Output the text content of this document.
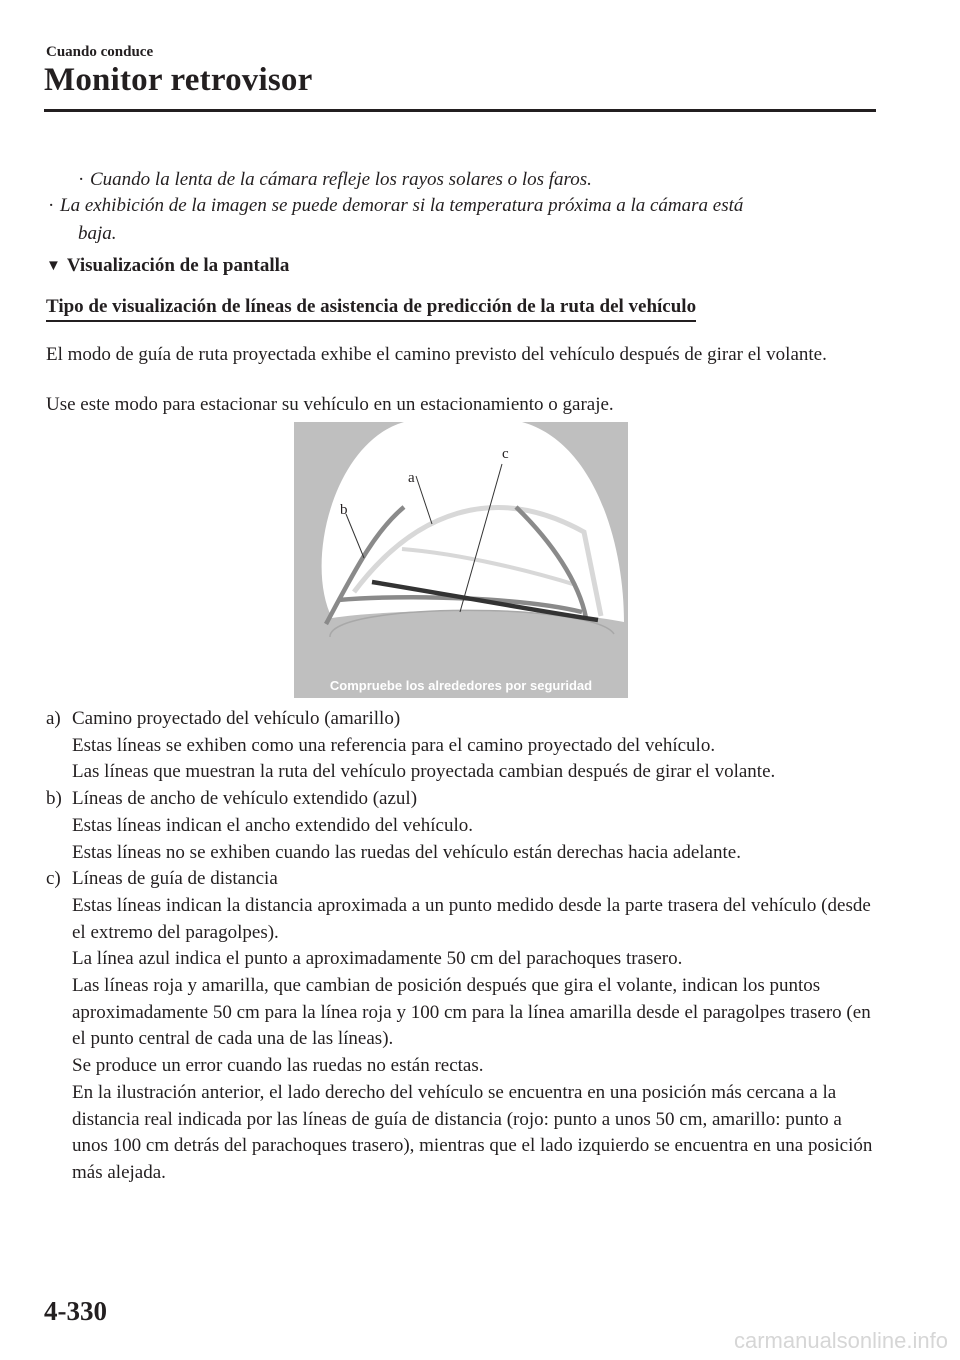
Cuando conduce
Monitor retrovisor
· Cuando la lenta de la cámara refleje los rayos solares o los faros.
· La exhibición de la imagen se puede demorar si la temperatura próxima a la cámara está
baja.
▼ Visualización de la pantalla
Tipo de visualización de líneas de asistencia de predicción de la ruta del vehículo
El modo de guía de ruta proyectada exhibe el camino previsto del vehículo después de girar el volante.
Use este modo para estacionar su vehículo en un estacionamiento o garaje.
a
b
c
Compruebe los alrededores por seguridad
a) Camino proyectado del vehículo (amarillo)

Estas líneas se exhiben como una referencia para el camino proyectado del vehículo.

Las líneas que muestran la ruta del vehículo proyectada cambian después de girar el volante.

b) Líneas de ancho de vehículo extendido (azul)

Estas líneas indican el ancho extendido del vehículo.

Estas líneas no se exhiben cuando las ruedas del vehículo están derechas hacia adelante.

c) Líneas de guía de distancia

Estas líneas indican la distancia aproximada a un punto medido desde la parte trasera del vehículo (desde el extremo del paragolpes).

La línea azul indica el punto a aproximadamente 50 cm del parachoques trasero.

Las líneas roja y amarilla, que cambian de posición después que gira el volante, indican los puntos aproximadamente 50 cm para la línea roja y 100 cm para la línea amarilla desde el paragolpes trasero (en el punto central de cada una de las líneas).

Se produce un error cuando las ruedas no están rectas.

En la ilustración anterior, el lado derecho del vehículo se encuentra en una posición más cercana a la distancia real indicada por las líneas de guía de distancia (rojo: punto a unos 50 cm, amarillo: punto a unos 100 cm detrás del parachoques trasero), mientras que el lado izquierdo se encuentra en una posición más alejada.

4-330
carmanualsonline.info
